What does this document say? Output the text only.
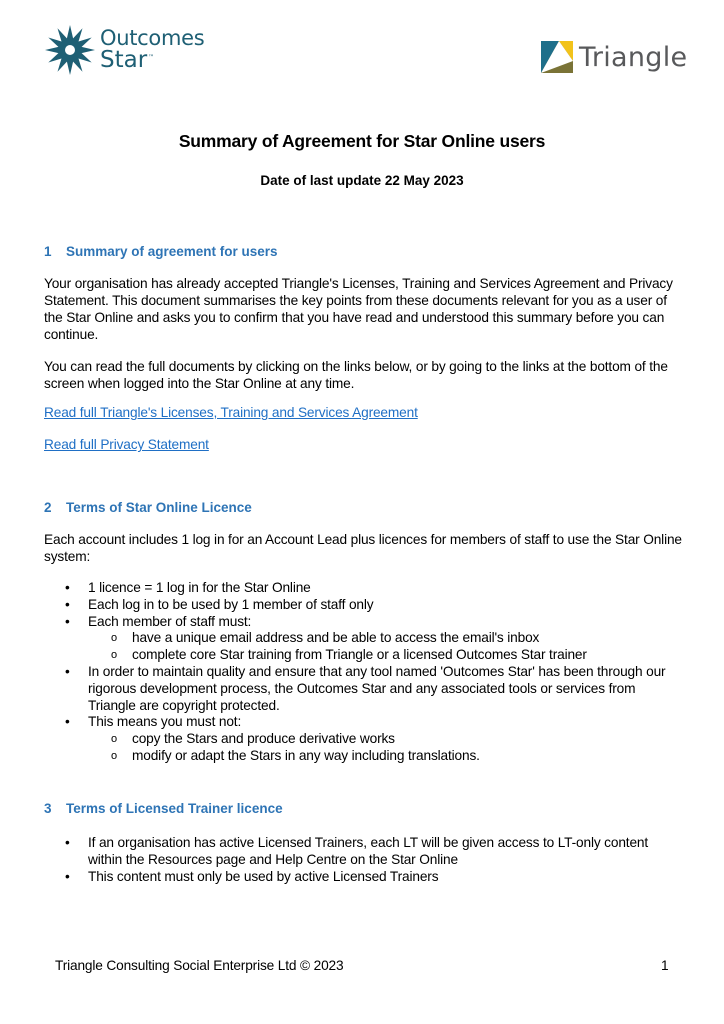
Outcomes
Star™	Triangle
Summary of Agreement for Star Online users
Date of last update 22 May 2023
1 Summary of agreement for users
Your organisation has already accepted Triangle's Licenses, Training and Services Agreement and Privacy Statement. This document summarises the key points from these documents relevant for you as a user of the Star Online and asks you to confirm that you have read and understood this summary before you can continue.
You can read the full documents by clicking on the links below, or by going to the links at the bottom of the screen when logged into the Star Online at any time.
Read full Triangle's Licenses, Training and Services Agreement
Read full Privacy Statement
2 Terms of Star Online Licence
Each account includes 1 log in for an Account Lead plus licences for members of staff to use the Star Online system:
• 1 licence = 1 log in for the Star Online
• Each log in to be used by 1 member of staff only
• Each member of staff must:
o have a unique email address and be able to access the email's inbox
o complete core Star training from Triangle or a licensed Outcomes Star trainer
• In order to maintain quality and ensure that any tool named 'Outcomes Star' has been through our rigorous development process, the Outcomes Star and any associated tools or services from Triangle are copyright protected.
• This means you must not:
o copy the Stars and produce derivative works
o modify or adapt the Stars in any way including translations.
3 Terms of Licensed Trainer licence
• If an organisation has active Licensed Trainers, each LT will be given access to LT-only content within the Resources page and Help Centre on the Star Online
• This content must only be used by active Licensed Trainers
Triangle Consulting Social Enterprise Ltd © 2023	1
